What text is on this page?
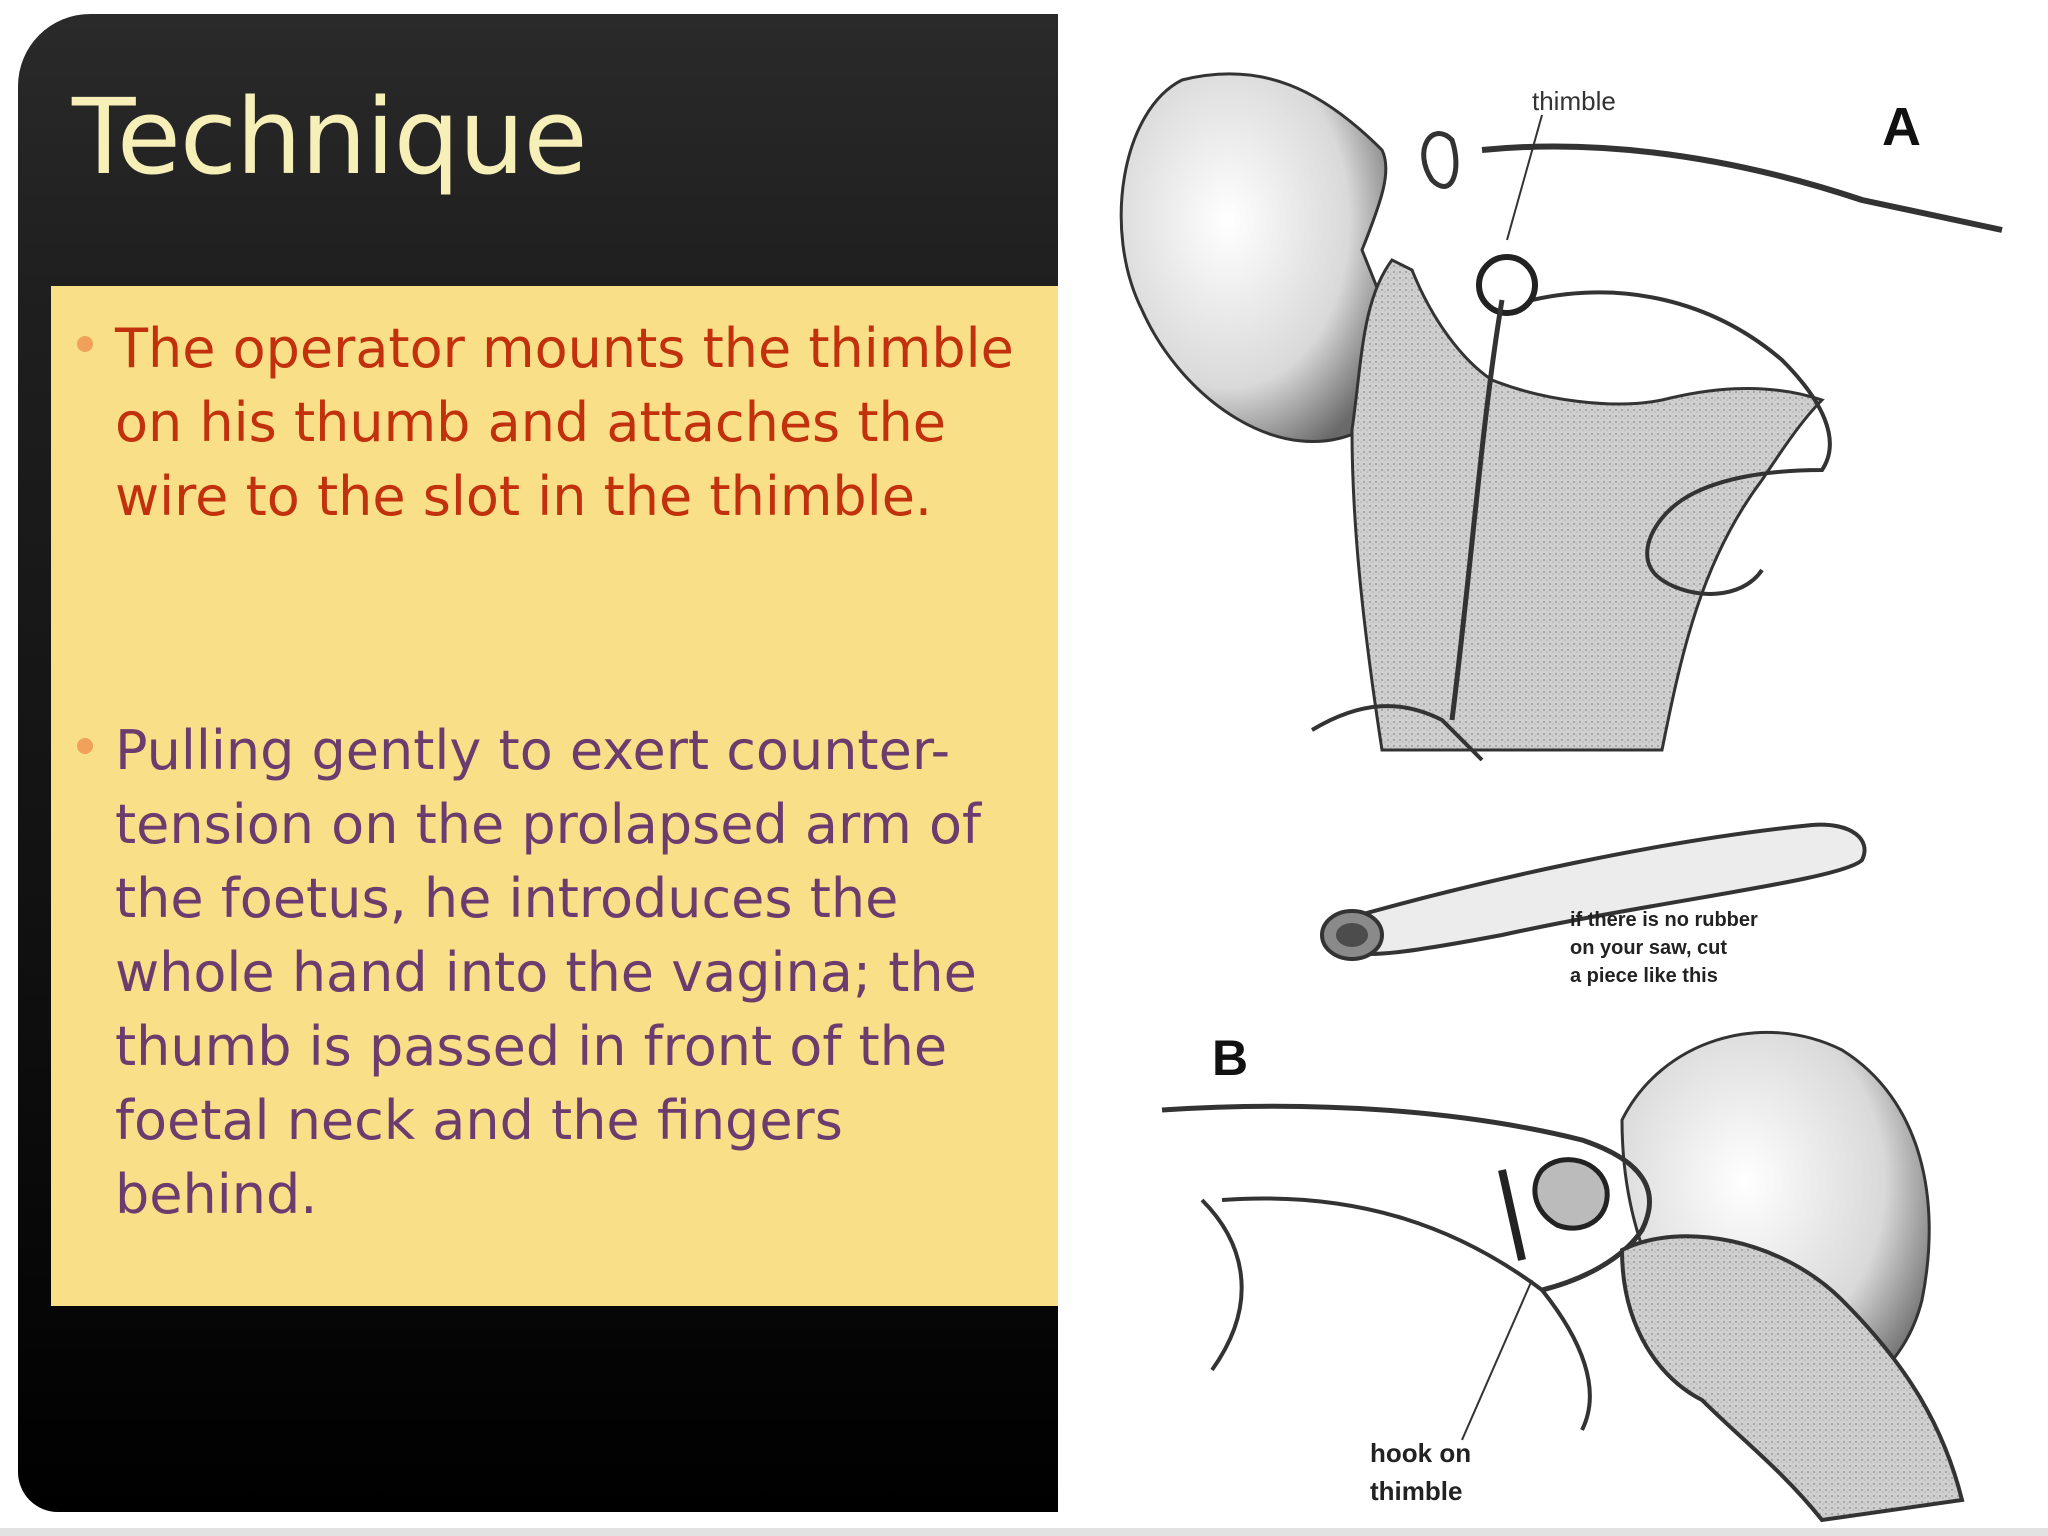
Technique
The operator mounts the thimble on his thumb and attaches the wire to the slot in the thimble.
Pulling gently to exert counter-tension on the prolapsed arm of the foetus, he introduces the whole hand into the vagina; the thumb is passed in front of the foetal neck and the fingers behind.
thimble	A
if there is no rubber
on your saw, cut
a piece like this
B
hook on
thimble
